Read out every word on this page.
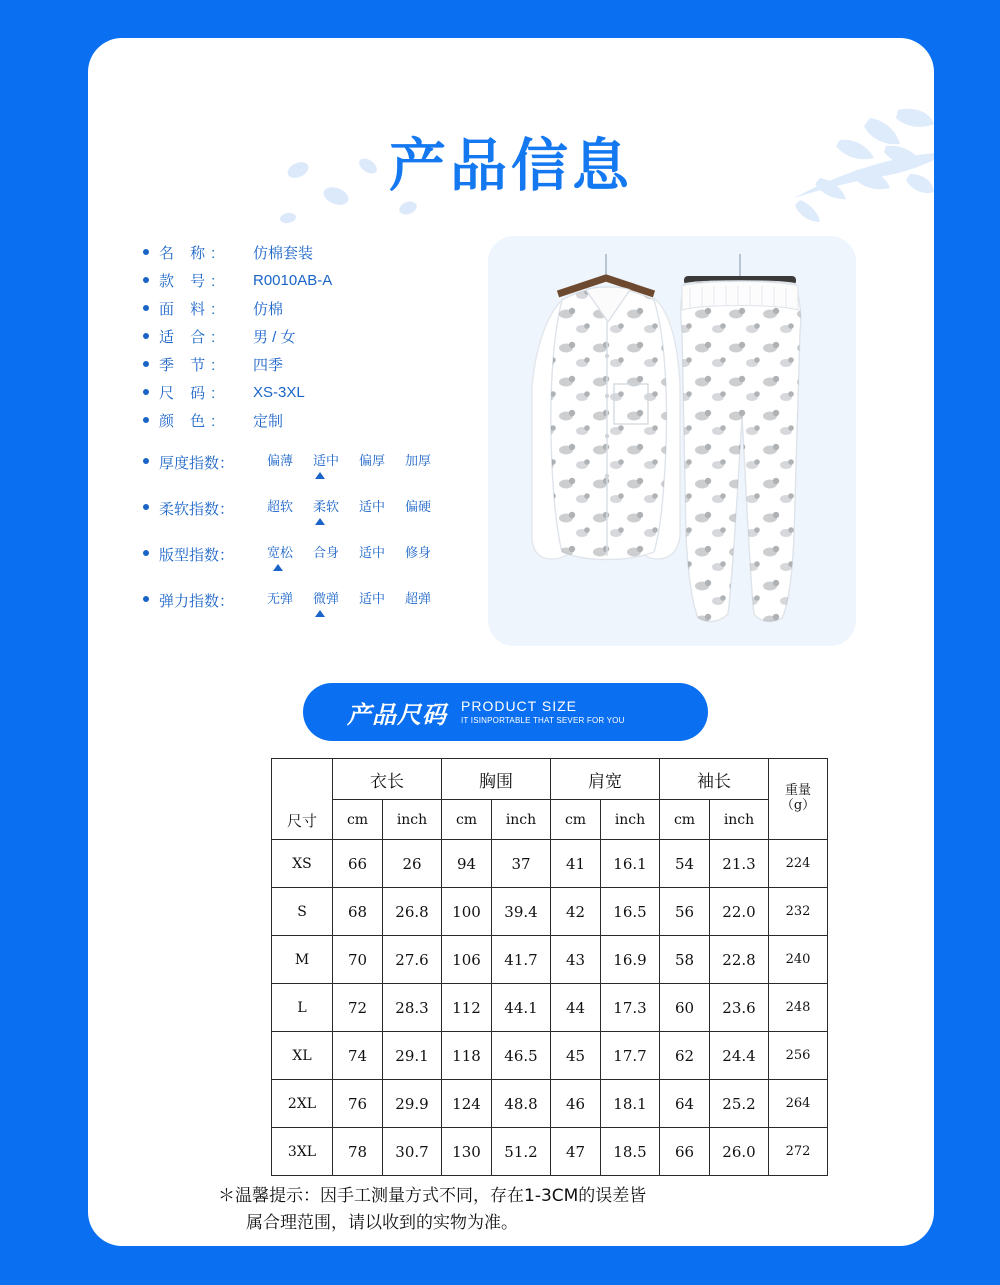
产品信息
名 称:	仿棉套装
款 号:	R0010AB-A
面 料:	仿棉
适 合:	男 / 女
季 节:	四季
尺 码:	XS-3XL
颜 色:	定制
厚度指数：	偏薄	适中	偏厚	加厚
柔软指数：	超软	柔软	适中	偏硬
版型指数：	宽松	合身	适中	修身
弹力指数：	无弹	微弹	适中	超弹
产品尺码 PRODUCT SIZE
IT ISINPORTABLE THAT SEVER FOR YOU
尺寸	衣长		胸围		肩宽		袖长		重量
（g）

	cm	inch	cm	inch	cm	inch	cm	inch	
XS	66	26	94	37	41	16.1	54	21.3	224
S	68	26.8	100	39.4	42	16.5	56	22.0	232
M	70	27.6	106	41.7	43	16.9	58	22.8	240
L	72	28.3	112	44.1	44	17.3	60	23.6	248
XL	74	29.1	118	46.5	45	17.7	62	24.4	256
2XL	76	29.9	124	48.8	46	18.1	64	25.2	264
3XL	78	30.7	130	51.2	47	18.5	66	26.0	272
＊温馨提示：因手工测量方式不同，存在1-3CM的误差皆
属合理范围，请以收到的实物为准。
